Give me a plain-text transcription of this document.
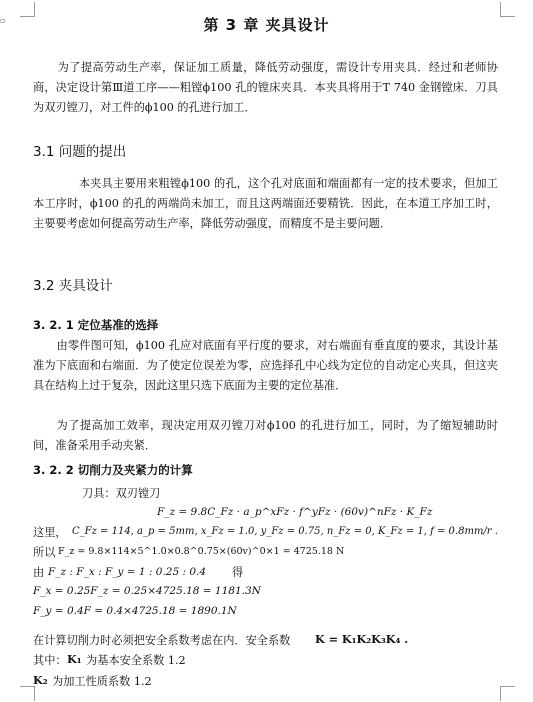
▫	第 3 章 夹具设计
为了提高劳动生产率，保证加工质量，降低劳动强度，需设计专用夹具．经过和老师协商，决定设计第Ⅲ道工序——粗镗ϕ100 孔的镗床夹具．本夹具将用于T 740 金钢镗床．刀具为双刃镗刀，对工件的ϕ100 的孔进行加工．
3.1 问题的提出
本夹具主要用来粗镗ϕ100 的孔，这个孔对底面和端面都有一定的技术要求，但加工本工序时，ϕ100 的孔的两端尚未加工，而且这两端面还要精铣．因此，在本道工序加工时，主要要考虑如何提高劳动生产率，降低劳动强度，而精度不是主要问题．
3.2 夹具设计
3. 2. 1 定位基准的选择
由零件图可知，ϕ100 孔应对底面有平行度的要求，对右端面有垂直度的要求，其设计基准为下底面和右端面．为了使定位误差为零，应选择孔中心线为定位的自动定心夹具，但这夹具在结构上过于复杂，因此这里只选下底面为主要的定位基准．
为了提高加工效率，现决定用双刃镗刀对ϕ100 的孔进行加工，同时，为了缩短辅助时间，准备采用手动夹紧．
3. 2. 2 切削力及夹紧力的计算
刀具：双刃镗刀
F_z = 9.8C_Fz · a_p^xFz · f^yFz · (60v)^nFz · K_Fz
这里， C_Fz = 114, a_p = 5mm, x_Fz = 1.0, y_Fz = 0.75, n_Fz = 0, K_Fz = 1, f = 0.8mm/r .
所以 F_z = 9.8×114×5^1.0×0.8^0.75×(60v)^0×1 = 4725.18 N
由 F_z : F_x : F_y = 1 : 0.25 : 0.4 得
F_x = 0.25F_z = 0.25×4725.18 = 1181.3N
F_y = 0.4F = 0.4×4725.18 = 1890.1N
在计算切削力时必须把安全系数考虑在内．安全系数 K = K₁K₂K₃K₄ .
其中： K₁ 为基本安全系数 1.2
K₂ 为加工性质系数 1.2
